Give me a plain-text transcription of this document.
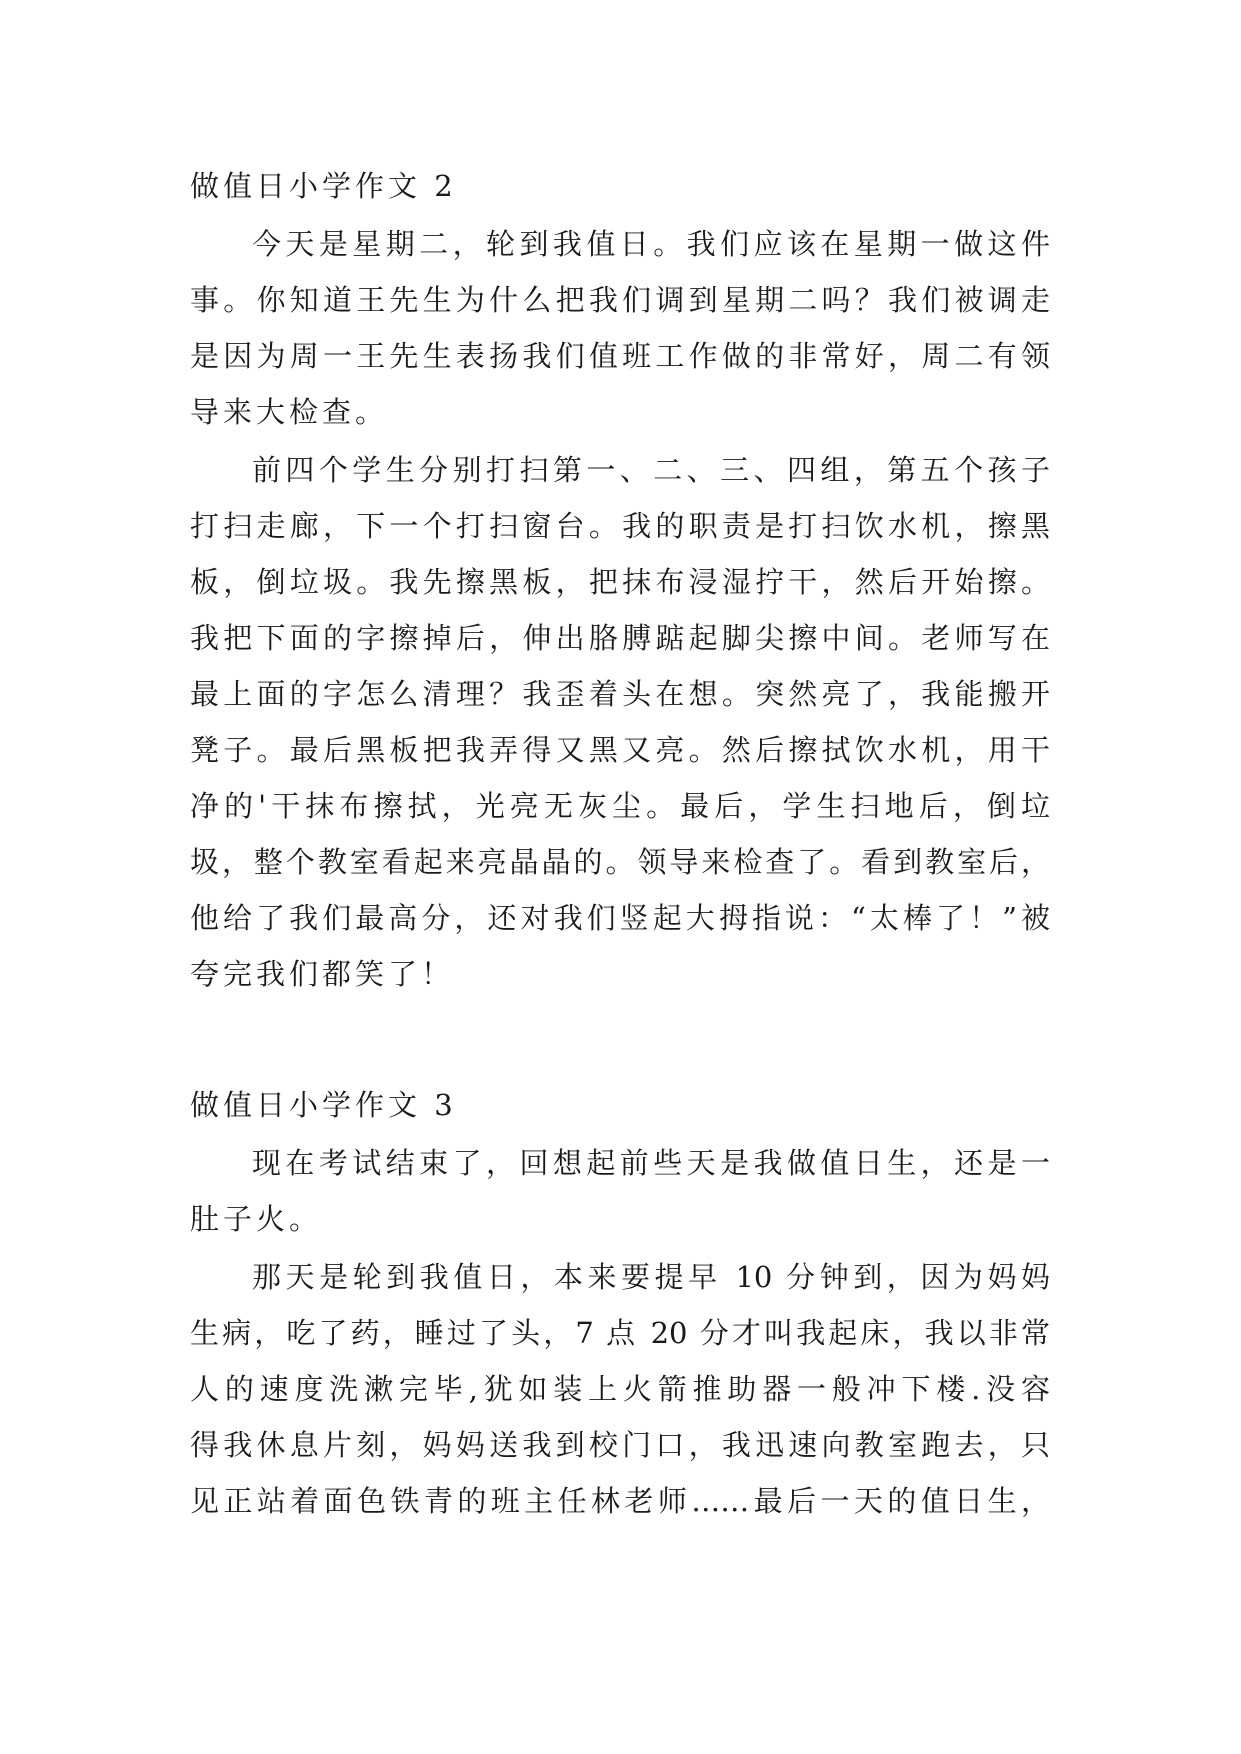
做值日小学作文 2
今天是星期二，轮到我值日。我们应该在星期一做这件
事。你知道王先生为什么把我们调到星期二吗？我们被调走
是因为周一王先生表扬我们值班工作做的非常好，周二有领
导来大检查。
前四个学生分别打扫第一、二、三、四组，第五个孩子
打扫走廊，下一个打扫窗台。我的职责是打扫饮水机，擦黑
板，倒垃圾。我先擦黑板，把抹布浸湿拧干，然后开始擦。
我把下面的字擦掉后，伸出胳膊踮起脚尖擦中间。老师写在
最上面的字怎么清理？我歪着头在想。突然亮了，我能搬开
凳子。最后黑板把我弄得又黑又亮。然后擦拭饮水机，用干
净的'干抹布擦拭，光亮无灰尘。最后，学生扫地后，倒垃
圾，整个教室看起来亮晶晶的。领导来检查了。看到教室后，
他给了我们最高分，还对我们竖起大拇指说：“太棒了！”被
夸完我们都笑了！
做值日小学作文 3
现在考试结束了，回想起前些天是我做值日生，还是一
肚子火。
那天是轮到我值日，本来要提早 10 分钟到，因为妈妈
生病，吃了药，睡过了头，7 点 20 分才叫我起床，我以非常
人的速度洗漱完毕,犹如装上火箭推助器一般冲下楼.没容
得我休息片刻，妈妈送我到校门口，我迅速向教室跑去，只
见正站着面色铁青的班主任林老师……最后一天的值日生，
